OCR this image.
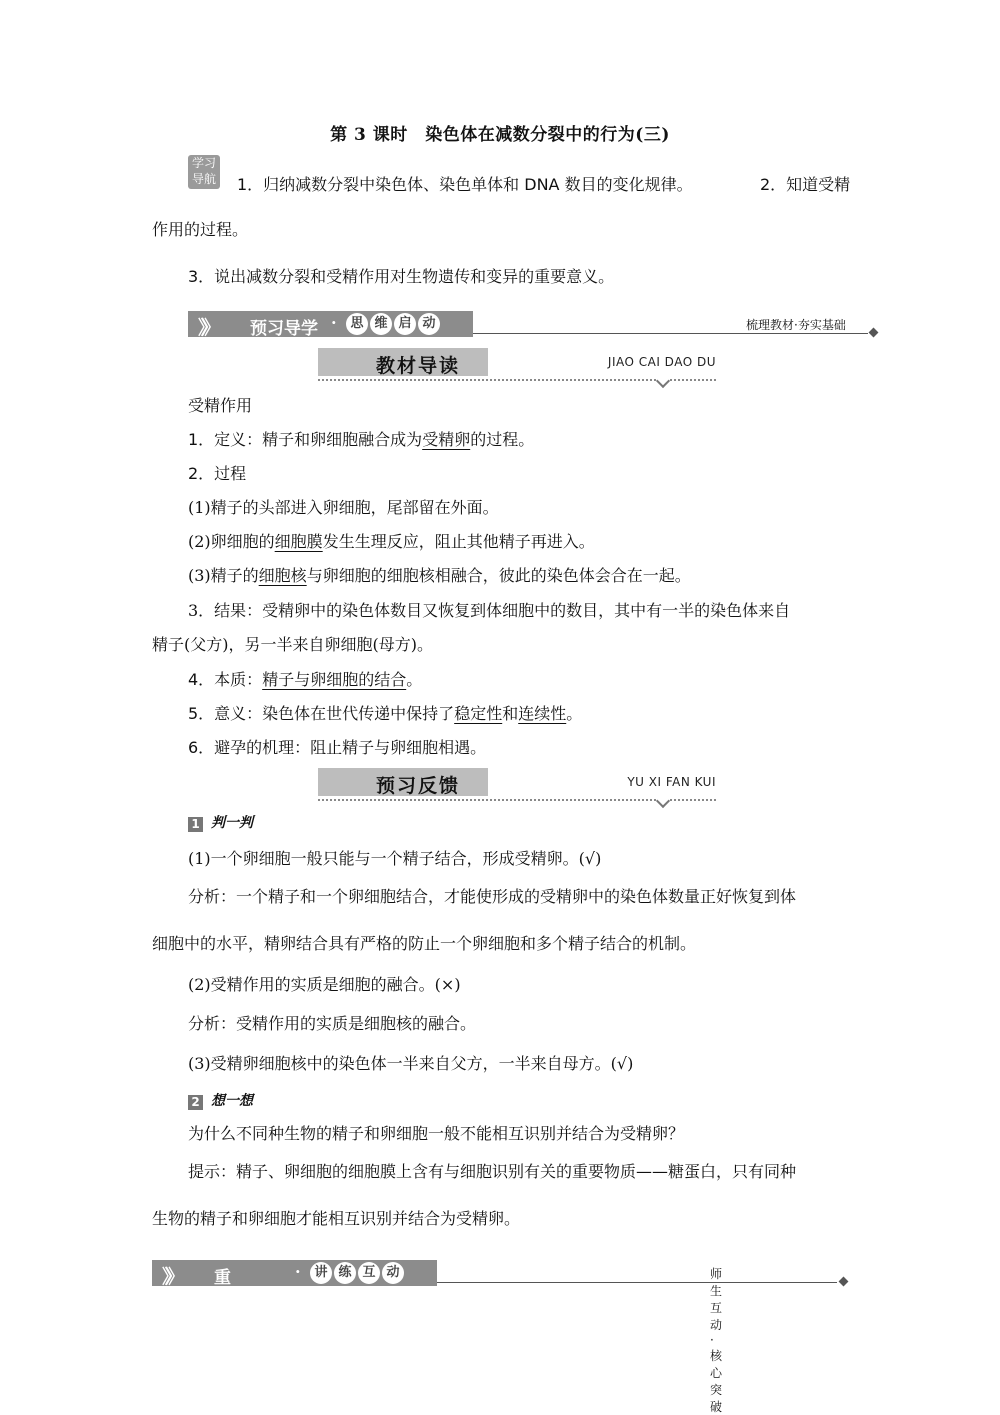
第 3 课时　染色体在减数分裂中的行为(三)
学习
导航 1．归纳减数分裂中染色体、染色单体和 DNA 数目的变化规律。	2．知道受精
作用的过程。
3．说出减数分裂和受精作用对生物遗传和变异的重要意义。
》》 预习导学 ·	思 维 启 动	梳理教材·夯实基础
教材导读	JIAO CAI DAO DU
受精作用
1．定义：精子和卵细胞融合成为受精卵的过程。
2．过程
(1)精子的头部进入卵细胞，尾部留在外面。
(2)卵细胞的细胞膜发生生理反应，阻止其他精子再进入。
(3)精子的细胞核与卵细胞的细胞核相融合，彼此的染色体会合在一起。
3．结果：受精卵中的染色体数目又恢复到体细胞中的数目，其中有一半的染色体来自
精子(父方)，另一半来自卵细胞(母方)。
4．本质：精子与卵细胞的结合。
5．意义：染色体在世代传递中保持了稳定性和连续性。
6．避孕的机理：阻止精子与卵细胞相遇。
预习反馈	YU XI FAN KUI
1 判一判
(1)一个卵细胞一般只能与一个精子结合，形成受精卵。(√)
分析：一个精子和一个卵细胞结合，才能使形成的受精卵中的染色体数量正好恢复到体
细胞中的水平，精卵结合具有严格的防止一个卵细胞和多个精子结合的机制。
(2)受精作用的实质是细胞的融合。(×)
分析：受精作用的实质是细胞核的融合。
(3)受精卵细胞核中的染色体一半来自父方，一半来自母方。(√)
2 想一想
为什么不同种生物的精子和卵细胞一般不能相互识别并结合为受精卵？
提示：精子、卵细胞的细胞膜上含有与细胞识别有关的重要物质——糖蛋白，只有同种
生物的精子和卵细胞才能相互识别并结合为受精卵。
》》 重难解读
·	讲 练 互 动	师生互动·核心突破
